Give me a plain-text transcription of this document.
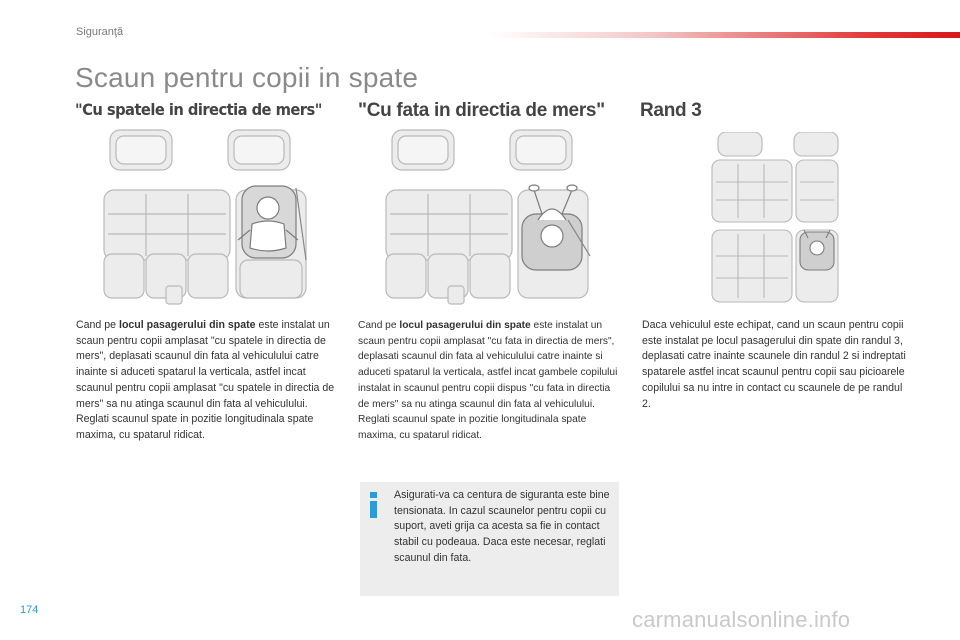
Siguranţă
Scaun pentru copii in spate
"Cu spatele in directia de mers"
Cand pe locul pasagerului din spate este instalat un scaun pentru copii amplasat "cu spatele in directia de mers", deplasati scaunul din fata al vehiculului catre inainte si aduceti spatarul la verticala, astfel incat scaunul pentru copii amplasat "cu spatele in directia de mers" sa nu atinga scaunul din fata al vehiculului. Reglati scaunul spate in pozitie longitudinala spate maxima, cu spatarul ridicat.
"Cu fata in directia de mers"
Cand pe locul pasagerului din spate este instalat un scaun pentru copii amplasat "cu fata in directia de mers", deplasati scaunul din fata al vehiculului catre inainte si aduceti spatarul la verticala, astfel incat gambele copilului instalat in scaunul pentru copii dispus "cu fata in directia de mers" sa nu atinga scaunul din fata al vehiculului. Reglati scaunul spate in pozitie longitudinala spate maxima, cu spatarul ridicat.
Asigurati-va ca centura de siguranta este bine tensionata. In cazul scaunelor pentru copii cu suport, aveti grija ca acesta sa fie in contact stabil cu podeaua. Daca este necesar, reglati scaunul din fata.
Rand 3
Daca vehiculul este echipat, cand un scaun pentru copii este instalat pe locul pasagerului din spate din randul 3, deplasati catre inainte scaunele din randul 2 si indreptati spatarele astfel incat scaunul pentru copii sau picioarele copilului sa nu intre in contact cu scaunele de pe randul 2.
174	carmanualsonline.info
